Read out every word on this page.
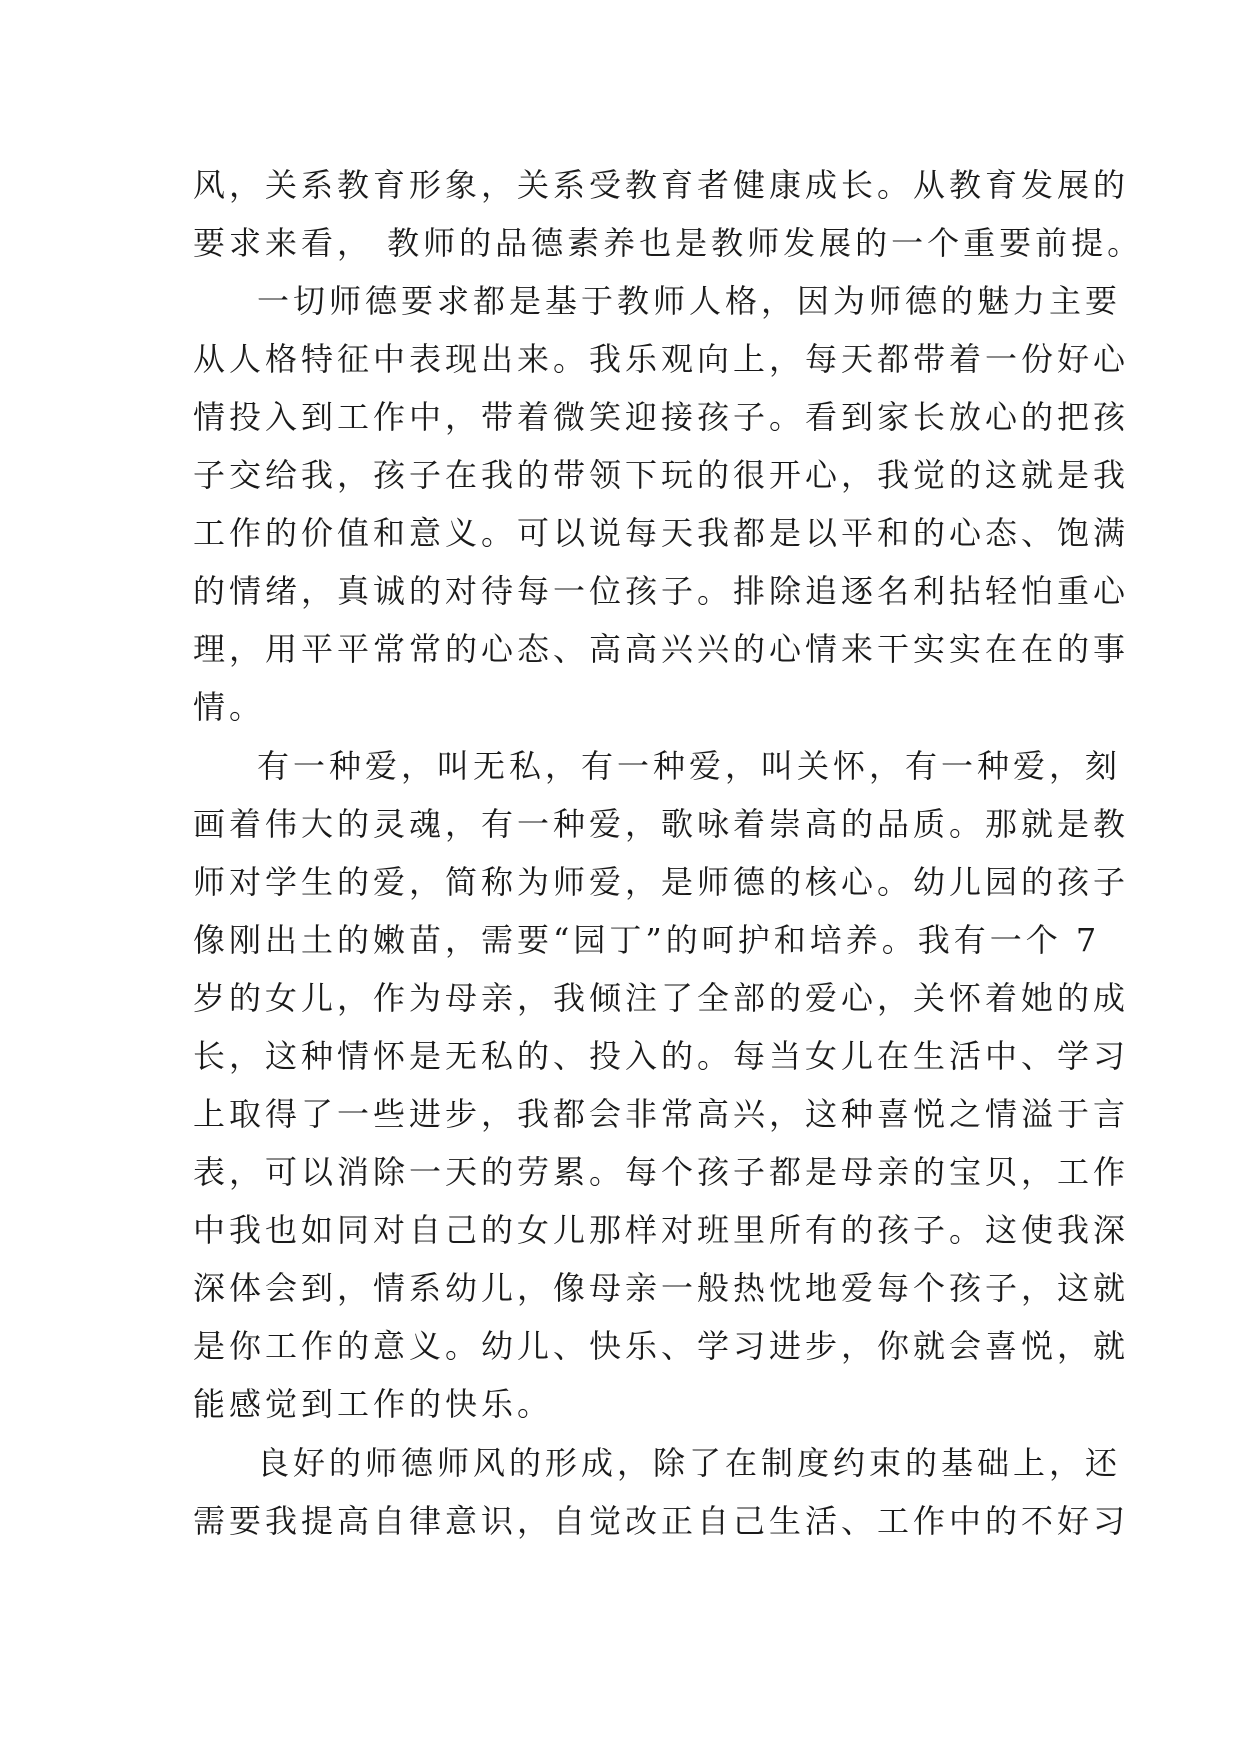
风，关系教育形象，关系受教育者健康成长。从教育发展的
要求来看， 教师的品德素养也是教师发展的一个重要前提。
一切师德要求都是基于教师人格，因为师德的魅力主要
从人格特征中表现出来。我乐观向上，每天都带着一份好心
情投入到工作中，带着微笑迎接孩子。看到家长放心的把孩
子交给我，孩子在我的带领下玩的很开心，我觉的这就是我
工作的价值和意义。可以说每天我都是以平和的心态、饱满
的情绪，真诚的对待每一位孩子。排除追逐名利拈轻怕重心
理，用平平常常的心态、高高兴兴的心情来干实实在在的事
情。
有一种爱，叫无私，有一种爱，叫关怀，有一种爱，刻
画着伟大的灵魂，有一种爱，歌咏着崇高的品质。那就是教
师对学生的爱，简称为师爱，是师德的核心。幼儿园的孩子
像刚出土的嫩苗，需要“园丁”的呵护和培养。我有一个 7
岁的女儿，作为母亲，我倾注了全部的爱心，关怀着她的成
长，这种情怀是无私的、投入的。每当女儿在生活中、学习
上取得了一些进步，我都会非常高兴，这种喜悦之情溢于言
表，可以消除一天的劳累。每个孩子都是母亲的宝贝，工作
中我也如同对自己的女儿那样对班里所有的孩子。这使我深
深体会到，情系幼儿，像母亲一般热忱地爱每个孩子，这就
是你工作的意义。幼儿、快乐、学习进步，你就会喜悦，就
能感觉到工作的快乐。
良好的师德师风的形成，除了在制度约束的基础上，还
需要我提高自律意识，自觉改正自己生活、工作中的不好习
